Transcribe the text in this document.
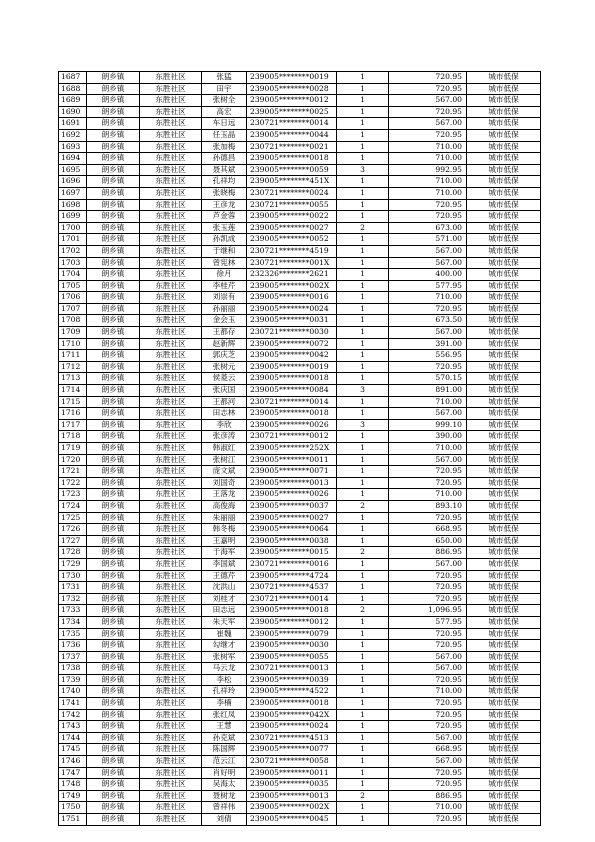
1687	朗乡镇	东胜社区	张猛	239005********0019	1	720.95	城市低保
1688	朗乡镇	东胜社区	田宇	239005********0028	1	720.95	城市低保
1689	朗乡镇	东胜社区	张树全	239005********0012	1	567.00	城市低保
1690	朗乡镇	东胜社区	高宏	239005********0025	1	720.95	城市低保
1691	朗乡镇	东胜社区	车日远	230721********0014	1	567.00	城市低保
1692	朗乡镇	东胜社区	任玉晶	239005********0044	1	720.95	城市低保
1693	朗乡镇	东胜社区	张加梅	230721********0021	1	710.00	城市低保
1694	朗乡镇	东胜社区	孙德昌	239005********0018	1	710.00	城市低保
1695	朗乡镇	东胜社区	聂其斌	239005********0059	3	992.95	城市低保
1696	朗乡镇	东胜社区	孔祥均	239005********451X	1	710.00	城市低保
1697	朗乡镇	东胜社区	张晓梅	230721********0024	1	710.00	城市低保
1698	朗乡镇	东胜社区	王彦龙	230721********0055	1	720.95	城市低保
1699	朗乡镇	东胜社区	芦金蓉	239005********0022	1	720.95	城市低保
1700	朗乡镇	东胜社区	张玉莲	239005********0027	2	673.00	城市低保
1701	朗乡镇	东胜社区	孙凯成	239005********0052	1	571.00	城市低保
1702	朗乡镇	东胜社区	于继和	230721********4519	1	567.00	城市低保
1703	朗乡镇	东胜社区	曾宪林	230721********001X	1	567.00	城市低保
1704	朗乡镇	东胜社区	徐月	232326********2621	1	400.00	城市低保
1705	朗乡镇	东胜社区	李桂芹	239005********002X	1	577.95	城市低保
1706	朗乡镇	东胜社区	刘崇有	239005********0016	1	710.00	城市低保
1707	朗乡镇	东胜社区	孙丽丽	239005********0024	1	720.95	城市低保
1708	朗乡镇	东胜社区	金会玉	239005********0031	1	673.50	城市低保
1709	朗乡镇	东胜社区	王都存	230721********0030	1	567.00	城市低保
1710	朗乡镇	东胜社区	赵新辉	239005********0072	1	391.00	城市低保
1711	朗乡镇	东胜社区	郭庆芝	239005********0042	1	556.95	城市低保
1712	朗乡镇	东胜社区	张树元	239005********0019	1	720.95	城市低保
1713	朗乡镇	东胜社区	侯菱云	239005********0018	1	570.15	城市低保
1714	朗乡镇	东胜社区	张庆国	239005********0084	3	891.00	城市低保
1715	朗乡镇	东胜社区	王都河	230721********0014	1	710.00	城市低保
1716	朗乡镇	东胜社区	田志林	239005********0018	1	567.00	城市低保
1717	朗乡镇	东胜社区	李欣	239005********0026	3	999.10	城市低保
1718	朗乡镇	东胜社区	张彦涛	230721********0012	1	390.00	城市低保
1719	朗乡镇	东胜社区	韩淑红	239005********252X	1	710.00	城市低保
1720	朗乡镇	东胜社区	张树江	239005********0011	1	567.00	城市低保
1721	朗乡镇	东胜社区	庞文斌	239005********0071	1	720.95	城市低保
1722	朗乡镇	东胜社区	刘国奇	239005********0013	1	720.95	城市低保
1723	朗乡镇	东胜社区	王落龙	239005********0026	1	710.00	城市低保
1724	朗乡镇	东胜社区	高俊海	239005********0037	2	893.10	城市低保
1725	朗乡镇	东胜社区	朱丽丽	239005********0027	1	720.95	城市低保
1726	朗乡镇	东胜社区	韩冬梅	239005********0064	1	668.95	城市低保
1727	朗乡镇	东胜社区	王嘉明	239005********0038	1	650.00	城市低保
1728	朗乡镇	东胜社区	于海军	239005********0015	2	886.95	城市低保
1729	朗乡镇	东胜社区	李国斌	230721********0016	1	567.00	城市低保
1730	朗乡镇	东胜社区	王德芹	239005********4724	1	720.95	城市低保
1731	朗乡镇	东胜社区	沈洪山	230721********4537	1	720.95	城市低保
1732	朗乡镇	东胜社区	刘桂才	230721********0014	1	720.95	城市低保
1733	朗乡镇	东胜社区	田志远	239005********0018	2	1,096.95	城市低保
1734	朗乡镇	东胜社区	朱天军	239005********0012	1	577.95	城市低保
1735	朗乡镇	东胜社区	崔魏	239005********0079	1	720.95	城市低保
1736	朗乡镇	东胜社区	勾继才	239005********0030	1	720.95	城市低保
1737	朗乡镇	东胜社区	张树军	239005********0055	1	567.00	城市低保
1738	朗乡镇	东胜社区	马云龙	230721********0013	1	567.00	城市低保
1739	朗乡镇	东胜社区	李松	239005********0039	1	720.95	城市低保
1740	朗乡镇	东胜社区	孔祥玲	239005********4522	1	710.00	城市低保
1741	朗乡镇	东胜社区	李楠	239005********0018	1	720.95	城市低保
1742	朗乡镇	东胜社区	张红凤	239005********042X	1	720.95	城市低保
1743	朗乡镇	东胜社区	王慧	239005********0024	1	720.95	城市低保
1744	朗乡镇	东胜社区	孙克斌	230721********4513	1	567.00	城市低保
1745	朗乡镇	东胜社区	陈国辉	239005********0077	1	668.95	城市低保
1746	朗乡镇	东胜社区	范云江	230721********0058	1	567.00	城市低保
1747	朗乡镇	东胜社区	肖好明	239005********0011	1	720.95	城市低保
1748	朗乡镇	东胜社区	吴海太	239005********0035	1	720.95	城市低保
1749	朗乡镇	东胜社区	聂树龙	239005********0013	2	886.95	城市低保
1750	朗乡镇	东胜社区	曾祥伟	239005********002X	1	710.00	城市低保
1751	朗乡镇	东胜社区	刘倩	239005********0045	1	720.95	城市低保
